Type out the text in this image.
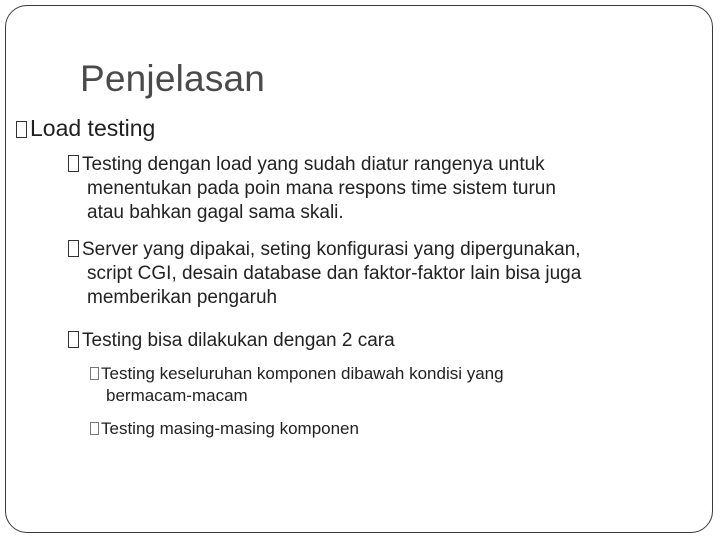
Penjelasan
Load testing
Testing dengan load yang sudah diatur rangenya untuk
menentukan pada poin mana respons time sistem turun
atau bahkan gagal sama skali.
Server yang dipakai, seting konfigurasi yang dipergunakan,
script CGI, desain database dan faktor-faktor lain bisa juga
memberikan pengaruh
Testing bisa dilakukan dengan 2 cara
Testing keseluruhan komponen dibawah kondisi yang
bermacam-macam
Testing masing-masing komponen
